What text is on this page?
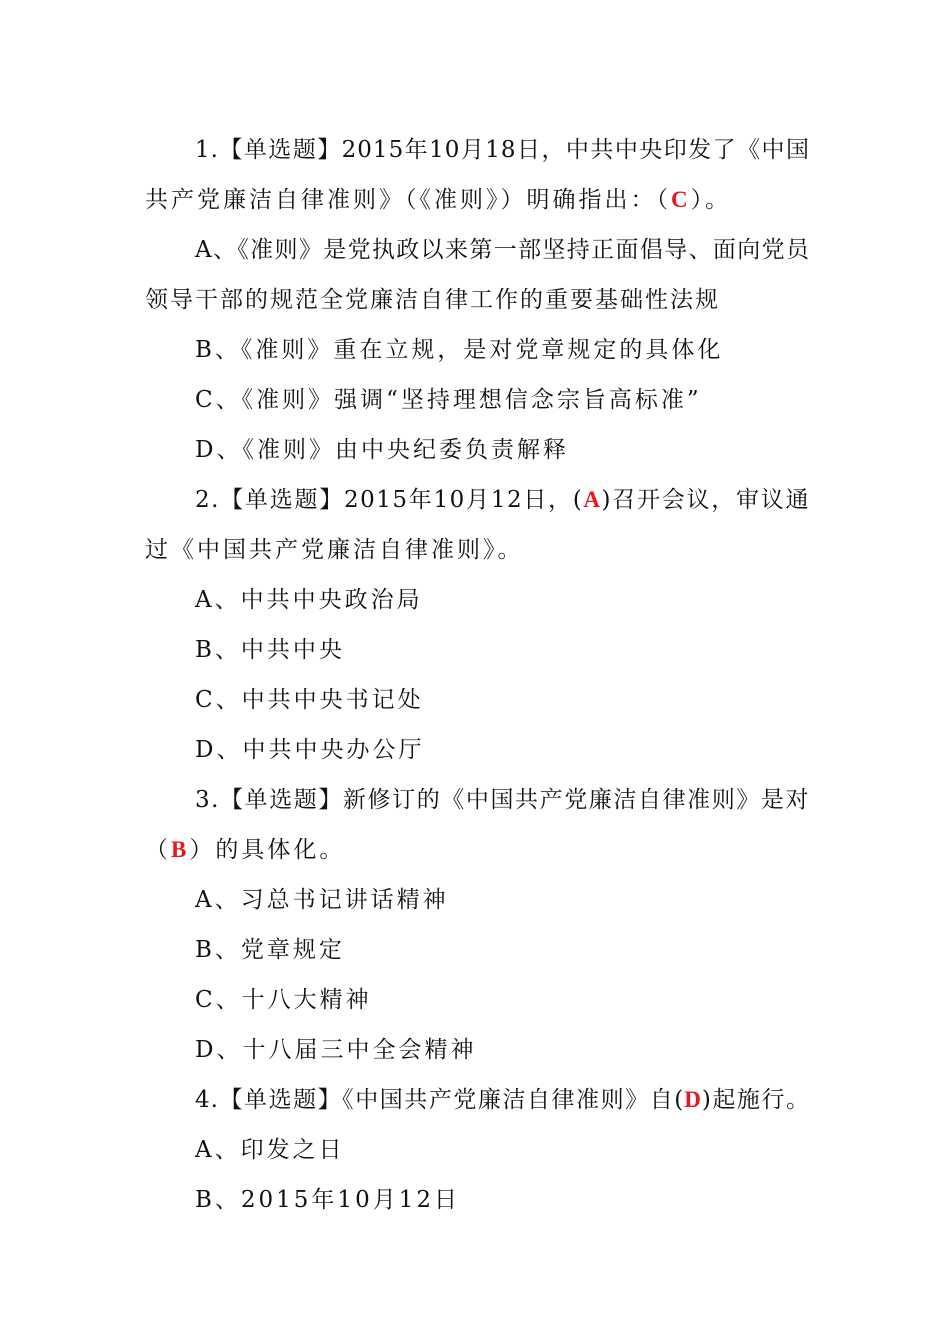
1.【单选题】2015年10月18日，中共中央印发了《中国
共产党廉洁自律准则》（《准则》）明确指出：（C）。
A、《准则》是党执政以来第一部坚持正面倡导、面向党员
领导干部的规范全党廉洁自律工作的重要基础性法规
B、《准则》重在立规，是对党章规定的具体化
C、《准则》强调“坚持理想信念宗旨高标准”
D、《准则》由中央纪委负责解释
2.【单选题】2015年10月12日，(A)召开会议，审议通
过《中国共产党廉洁自律准则》。
A、中共中央政治局
B、中共中央
C、中共中央书记处
D、中共中央办公厅
3.【单选题】新修订的《中国共产党廉洁自律准则》是对
（B）的具体化。
A、习总书记讲话精神
B、党章规定
C、十八大精神
D、十八届三中全会精神
4.【单选题】《中国共产党廉洁自律准则》自(D)起施行。
A、印发之日
B、2015年10月12日
